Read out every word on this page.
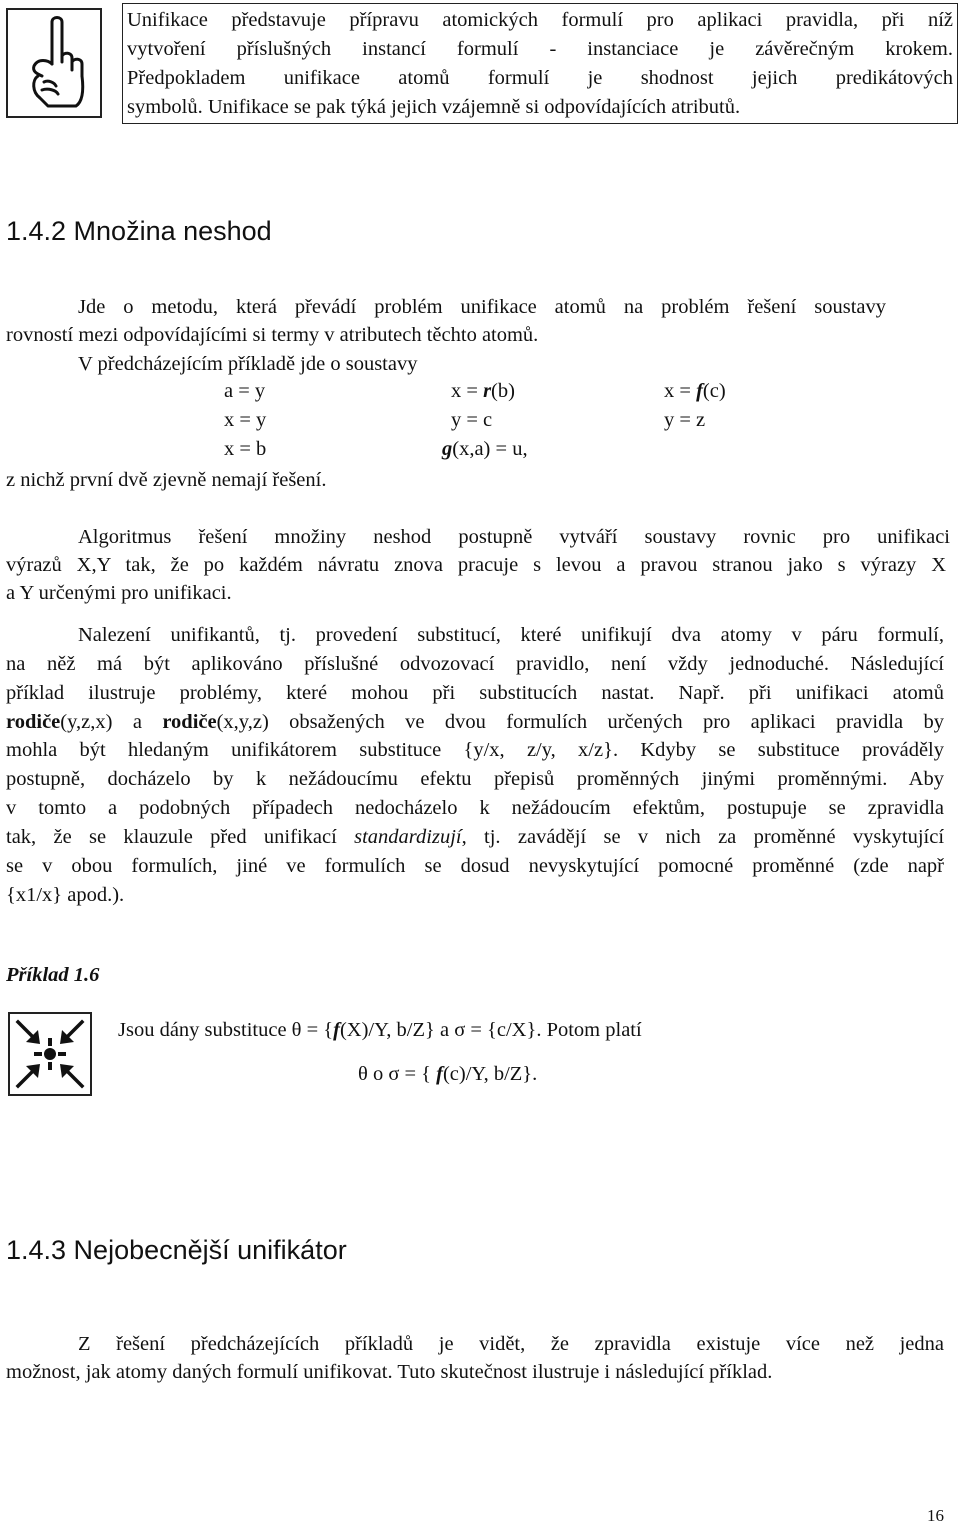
Unifikace představuje přípravu atomických formulí pro aplikaci pravidla, při níž
vytvoření příslušných instancí formulí - instanciace je závěrečným krokem.
Předpokladem unifikace atomů formulí je shodnost jejich predikátových
symbolů. Unifikace se pak týká jejich vzájemně si odpovídajících atributů.
1.4.2 Množina neshod
Jde o metodu, která převádí problém unifikace atomů na problém řešení soustavy
rovností mezi odpovídajícími si termy v atributech těchto atomů.
V předcházejícím příkladě jde o soustavy
a = y	x = r(b)	x = f(c)
x = y	y = c	y = z
x = b	g(x,a) = u,
z nichž první dvě zjevně nemají řešení.
Algoritmus řešení množiny neshod postupně vytváří soustavy rovnic pro unifikaci
výrazů X,Y tak, že po každém návratu znova pracuje s levou a pravou stranou jako s výrazy X
a Y určenými pro unifikaci.
Nalezení unifikantů, tj. provedení substitucí, které unifikují dva atomy v páru formulí,
na něž má být aplikováno příslušné odvozovací pravidlo, není vždy jednoduché. Následující
příklad ilustruje problémy, které mohou při substitucích nastat. Např. při unifikaci atomů
rodiče(y,z,x) a rodiče(x,y,z) obsažených ve dvou formulích určených pro aplikaci pravidla by
mohla být hledaným unifikátorem substituce {y/x, z/y, x/z}. Kdyby se substituce prováděly
postupně, docházelo by k nežádoucímu efektu přepisů proměnných jinými proměnnými. Aby
v tomto a podobných případech nedocházelo k nežádoucím efektům, postupuje se zpravidla
tak, že se klauzule před unifikací standardizují, tj. zavádějí se v nich za proměnné vyskytující
se v obou formulích, jiné ve formulích se dosud nevyskytující pomocné proměnné (zde např
{x1/x} apod.).
Příklad 1.6
Jsou dány substituce θ = {f(X)/Y, b/Z} a σ = {c/X}. Potom platí
θ o σ = { f(c)/Y, b/Z}.
1.4.3 Nejobecnější unifikátor
Z řešení předcházejících příkladů je vidět, že zpravidla existuje více než jedna
možnost, jak atomy daných formulí unifikovat. Tuto skutečnost ilustruje i následující příklad.
16
